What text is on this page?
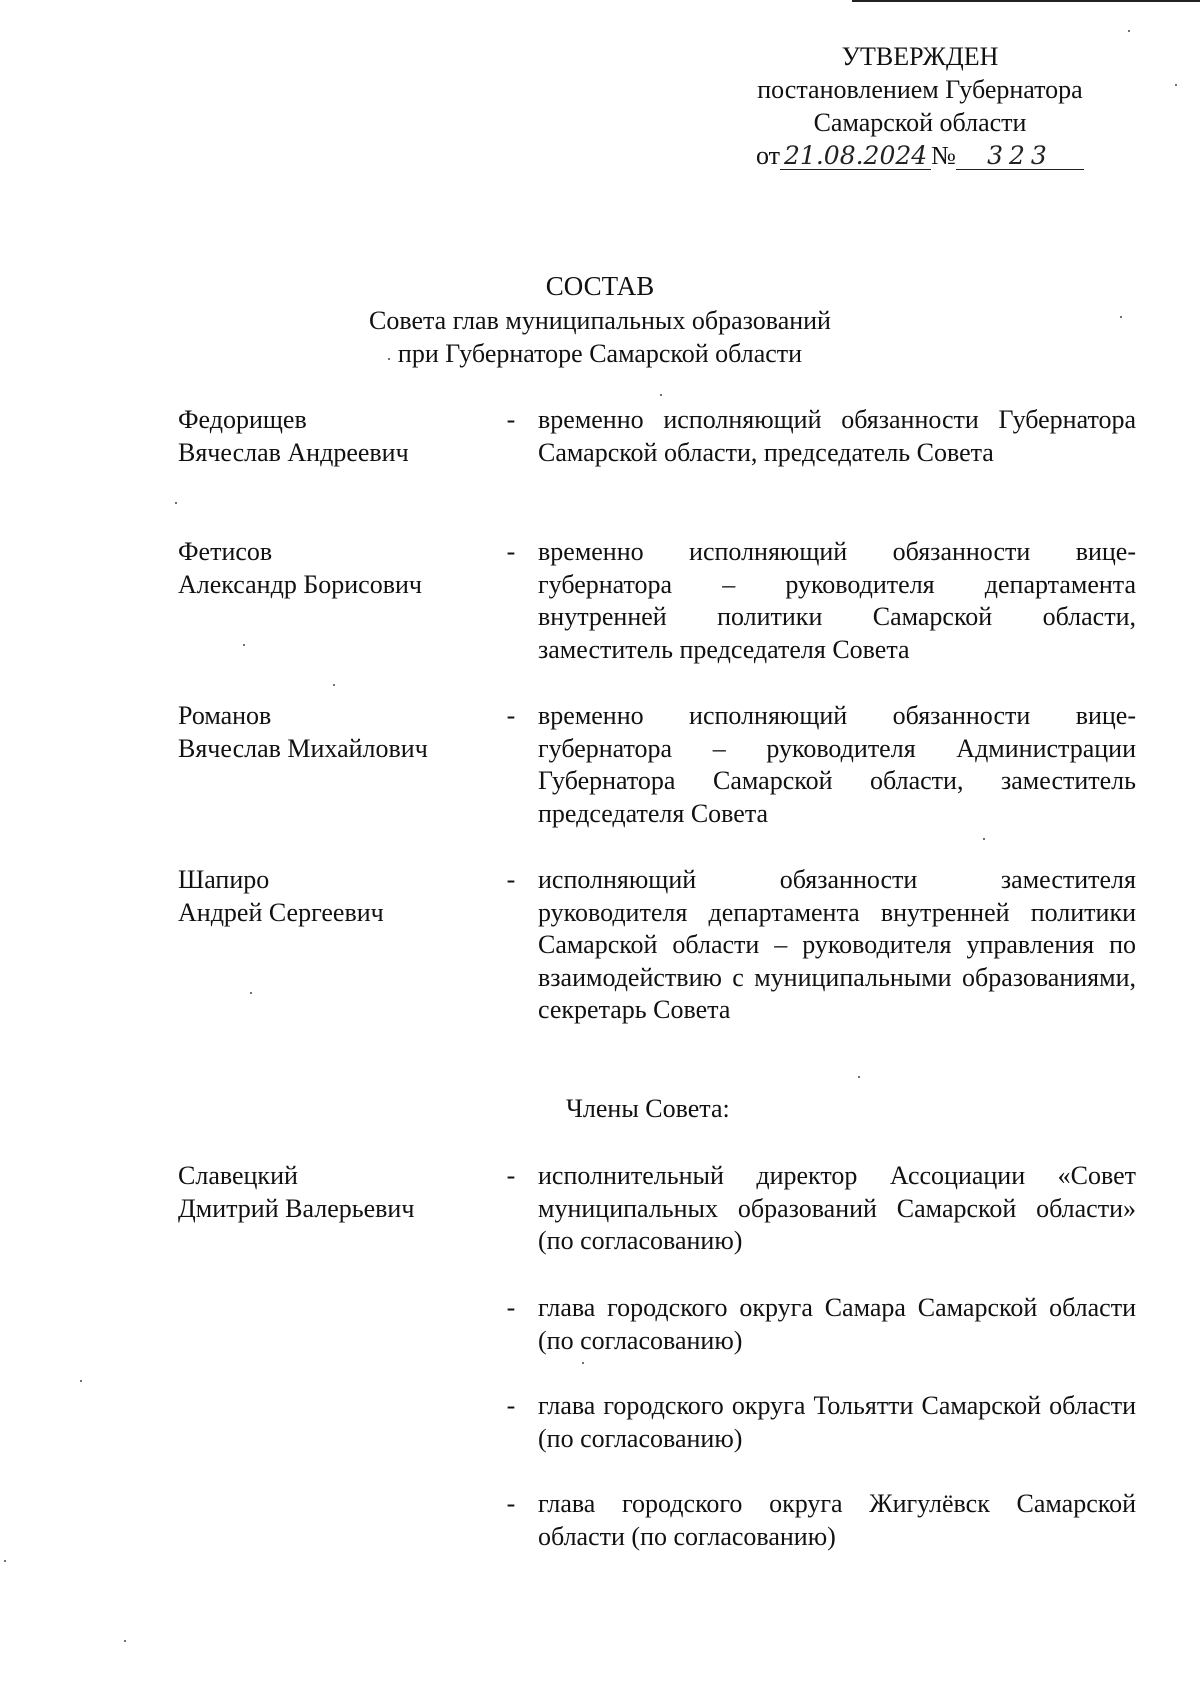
УТВЕРЖДЕН
постановлением Губернатора
Самарской области
от 21.08.2024 № 323
СОСТАВ
Совета глав муниципальных образований
при Губернаторе Самарской области
Федорищев
Вячеслав Андреевич
- временно исполняющий обязанности Губернатора Самарской области, председатель Совета
Фетисов
Александр Борисович
- временно исполняющий обязанности вице-губернатора – руководителя департамента внутренней политики Самарской области, заместитель председателя Совета
Романов
Вячеслав Михайлович
- временно исполняющий обязанности вице-губернатора – руководителя Администрации Губернатора Самарской области, заместитель председателя Совета
Шапиро
Андрей Сергеевич
- исполняющий обязанности заместителя руководителя департамента внутренней политики Самарской области – руководителя управления по взаимодействию с муниципальными образованиями, секретарь Совета
Члены Совета:
Славецкий
Дмитрий Валерьевич
- исполнительный директор Ассоциации «Совет муниципальных образований Самарской области» (по согласованию)
- глава городского округа Самара Самарской области (по согласованию)
- глава городского округа Тольятти Самарской области (по согласованию)
- глава городского округа Жигулёвск Самарской области (по согласованию)
